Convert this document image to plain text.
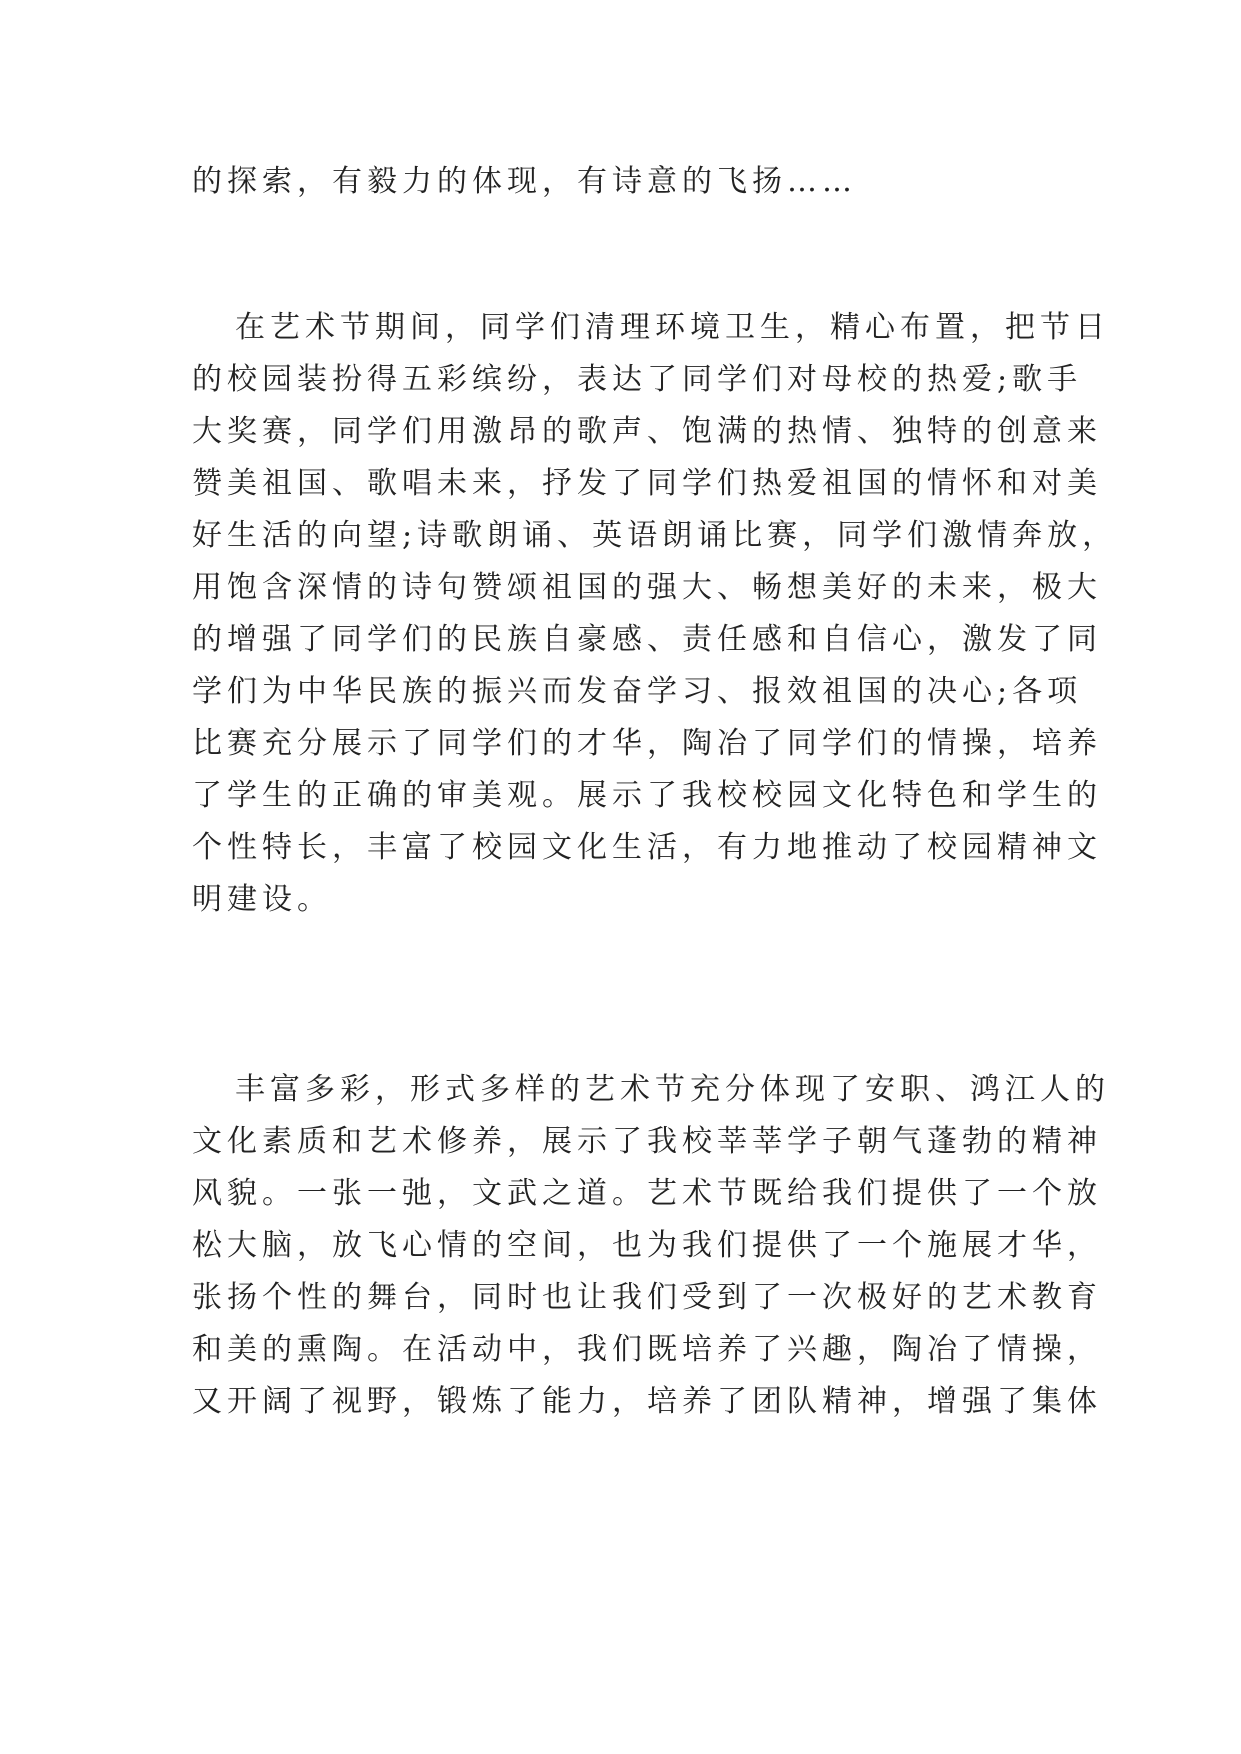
的探索，有毅力的体现，有诗意的飞扬……
在艺术节期间，同学们清理环境卫生，精心布置，把节日
的校园装扮得五彩缤纷，表达了同学们对母校的热爱;歌手
大奖赛，同学们用激昂的歌声、饱满的热情、独特的创意来
赞美祖国、歌唱未来，抒发了同学们热爱祖国的情怀和对美
好生活的向望;诗歌朗诵、英语朗诵比赛，同学们激情奔放，
用饱含深情的诗句赞颂祖国的强大、畅想美好的未来，极大
的增强了同学们的民族自豪感、责任感和自信心，激发了同
学们为中华民族的振兴而发奋学习、报效祖国的决心;各项
比赛充分展示了同学们的才华，陶冶了同学们的情操，培养
了学生的正确的审美观。展示了我校校园文化特色和学生的
个性特长，丰富了校园文化生活，有力地推动了校园精神文
明建设。
丰富多彩，形式多样的艺术节充分体现了安职、鸿江人的
文化素质和艺术修养，展示了我校莘莘学子朝气蓬勃的精神
风貌。一张一弛，文武之道。艺术节既给我们提供了一个放
松大脑，放飞心情的空间，也为我们提供了一个施展才华，
张扬个性的舞台，同时也让我们受到了一次极好的艺术教育
和美的熏陶。在活动中，我们既培养了兴趣，陶冶了情操，
又开阔了视野，锻炼了能力，培养了团队精神，增强了集体
